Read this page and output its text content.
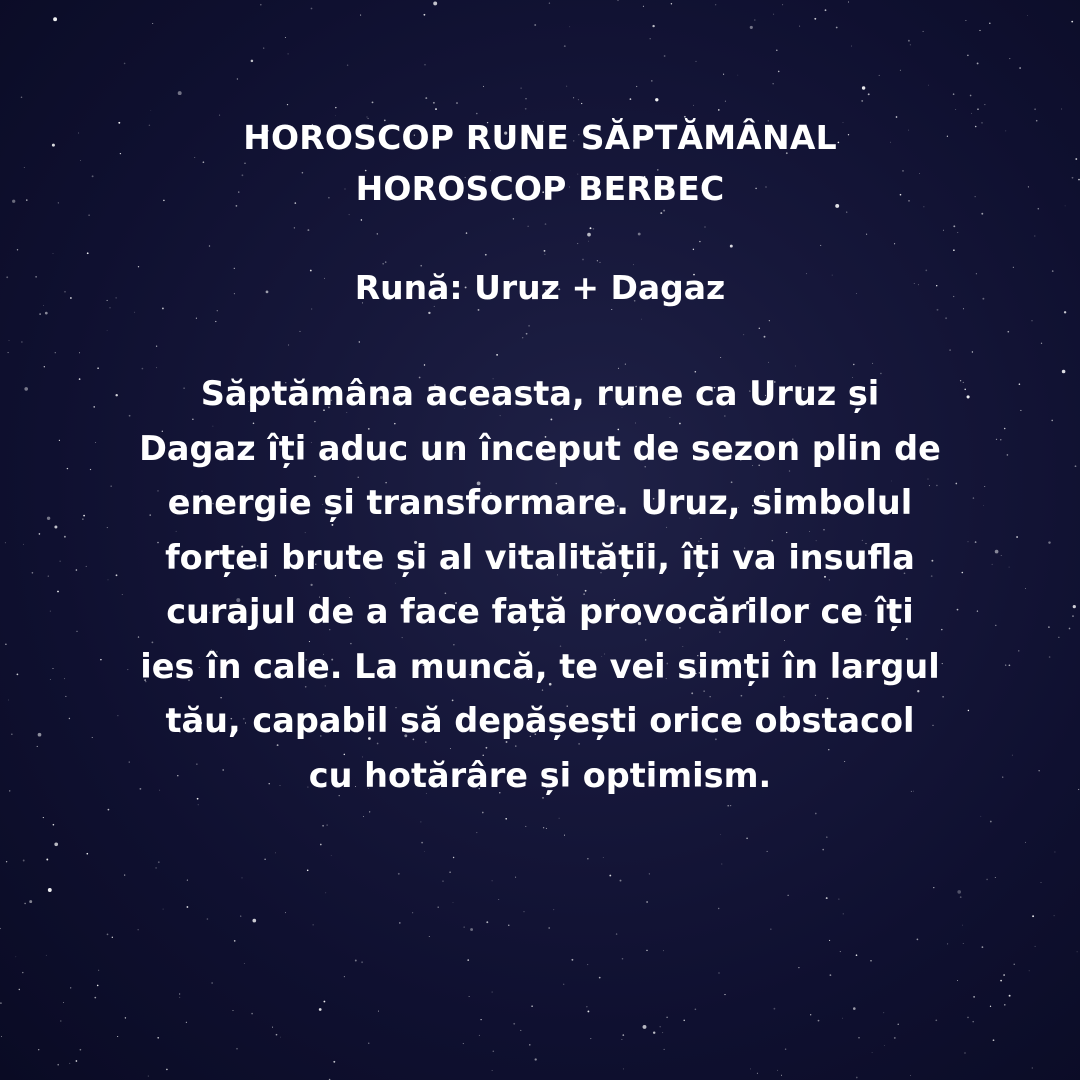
HOROSCOP RUNE SĂPTĂMÂNAL
HOROSCOP BERBEC
Rună: Uruz + Dagaz
Săptămâna aceasta, rune ca Uruz și
Dagaz îți aduc un început de sezon plin de
energie și transformare. Uruz, simbolul
forței brute și al vitalității, îți va insufla
curajul de a face față provocărilor ce îți
ies în cale. La muncă, te vei simți în largul
tău, capabil să depășești orice obstacol
cu hotărâre și optimism.
